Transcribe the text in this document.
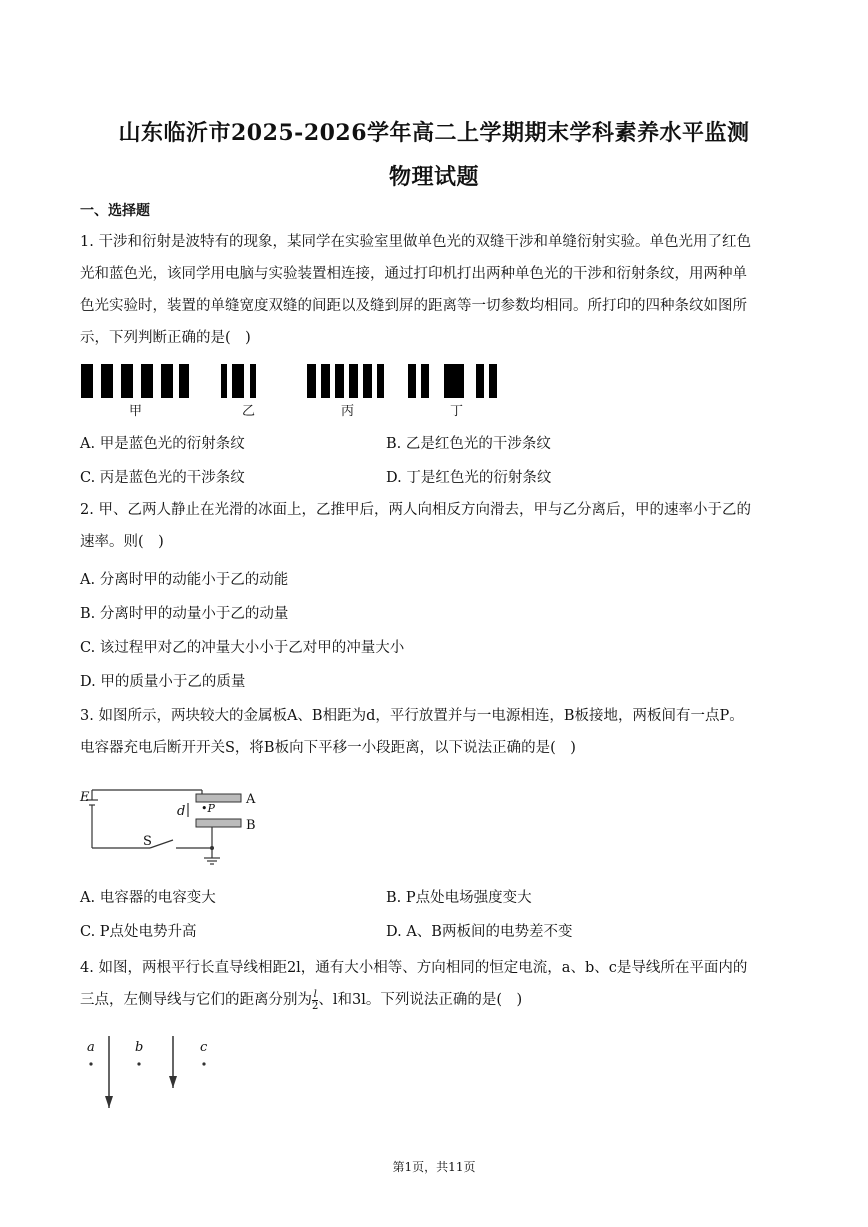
山东临沂市2025-2026学年高二上学期期末学科素养水平监测
物理试题
一、选择题
1. 干涉和衍射是波特有的现象，某同学在实验室里做单色光的双缝干涉和单缝衍射实验。单色光用了红色
光和蓝色光，该同学用电脑与实验装置相连接，通过打印机打出两种单色光的干涉和衍射条纹，用两种单
色光实验时，装置的单缝宽度双缝的间距以及缝到屏的距离等一切参数均相同。所打印的四种条纹如图所
示，下列判断正确的是(　)
甲	乙	丙	丁
A. 甲是蓝色光的衍射条纹	B. 乙是红色光的干涉条纹
C. 丙是蓝色光的干涉条纹	D. 丁是红色光的衍射条纹
2. 甲、乙两人静止在光滑的冰面上，乙推甲后，两人向相反方向滑去，甲与乙分离后，甲的速率小于乙的
速率。则(　)
A. 分离时甲的动能小于乙的动能
B. 分离时甲的动量小于乙的动量
C. 该过程甲对乙的冲量大小小于乙对甲的冲量大小
D. 甲的质量小于乙的质量
3. 如图所示，两块较大的金属板A、B相距为d，平行放置并与一电源相连，B板接地，两板间有一点P。
电容器充电后断开开关S，将B板向下平移一小段距离，以下说法正确的是(　)
E	A
B
d •P
S
A. 电容器的电容变大	B. P点处电场强度变大
C. P点处电势升高	D. A、B两板间的电势差不变
4. 如图，两根平行长直导线相距2l，通有大小相等、方向相同的恒定电流，a、b、c是导线所在平面内的
三点，左侧导线与它们的距离分别为 $\frac{l}{2}$ 、l和3l。下列说法正确的是(　)
a	b	c
第1页，共11页
